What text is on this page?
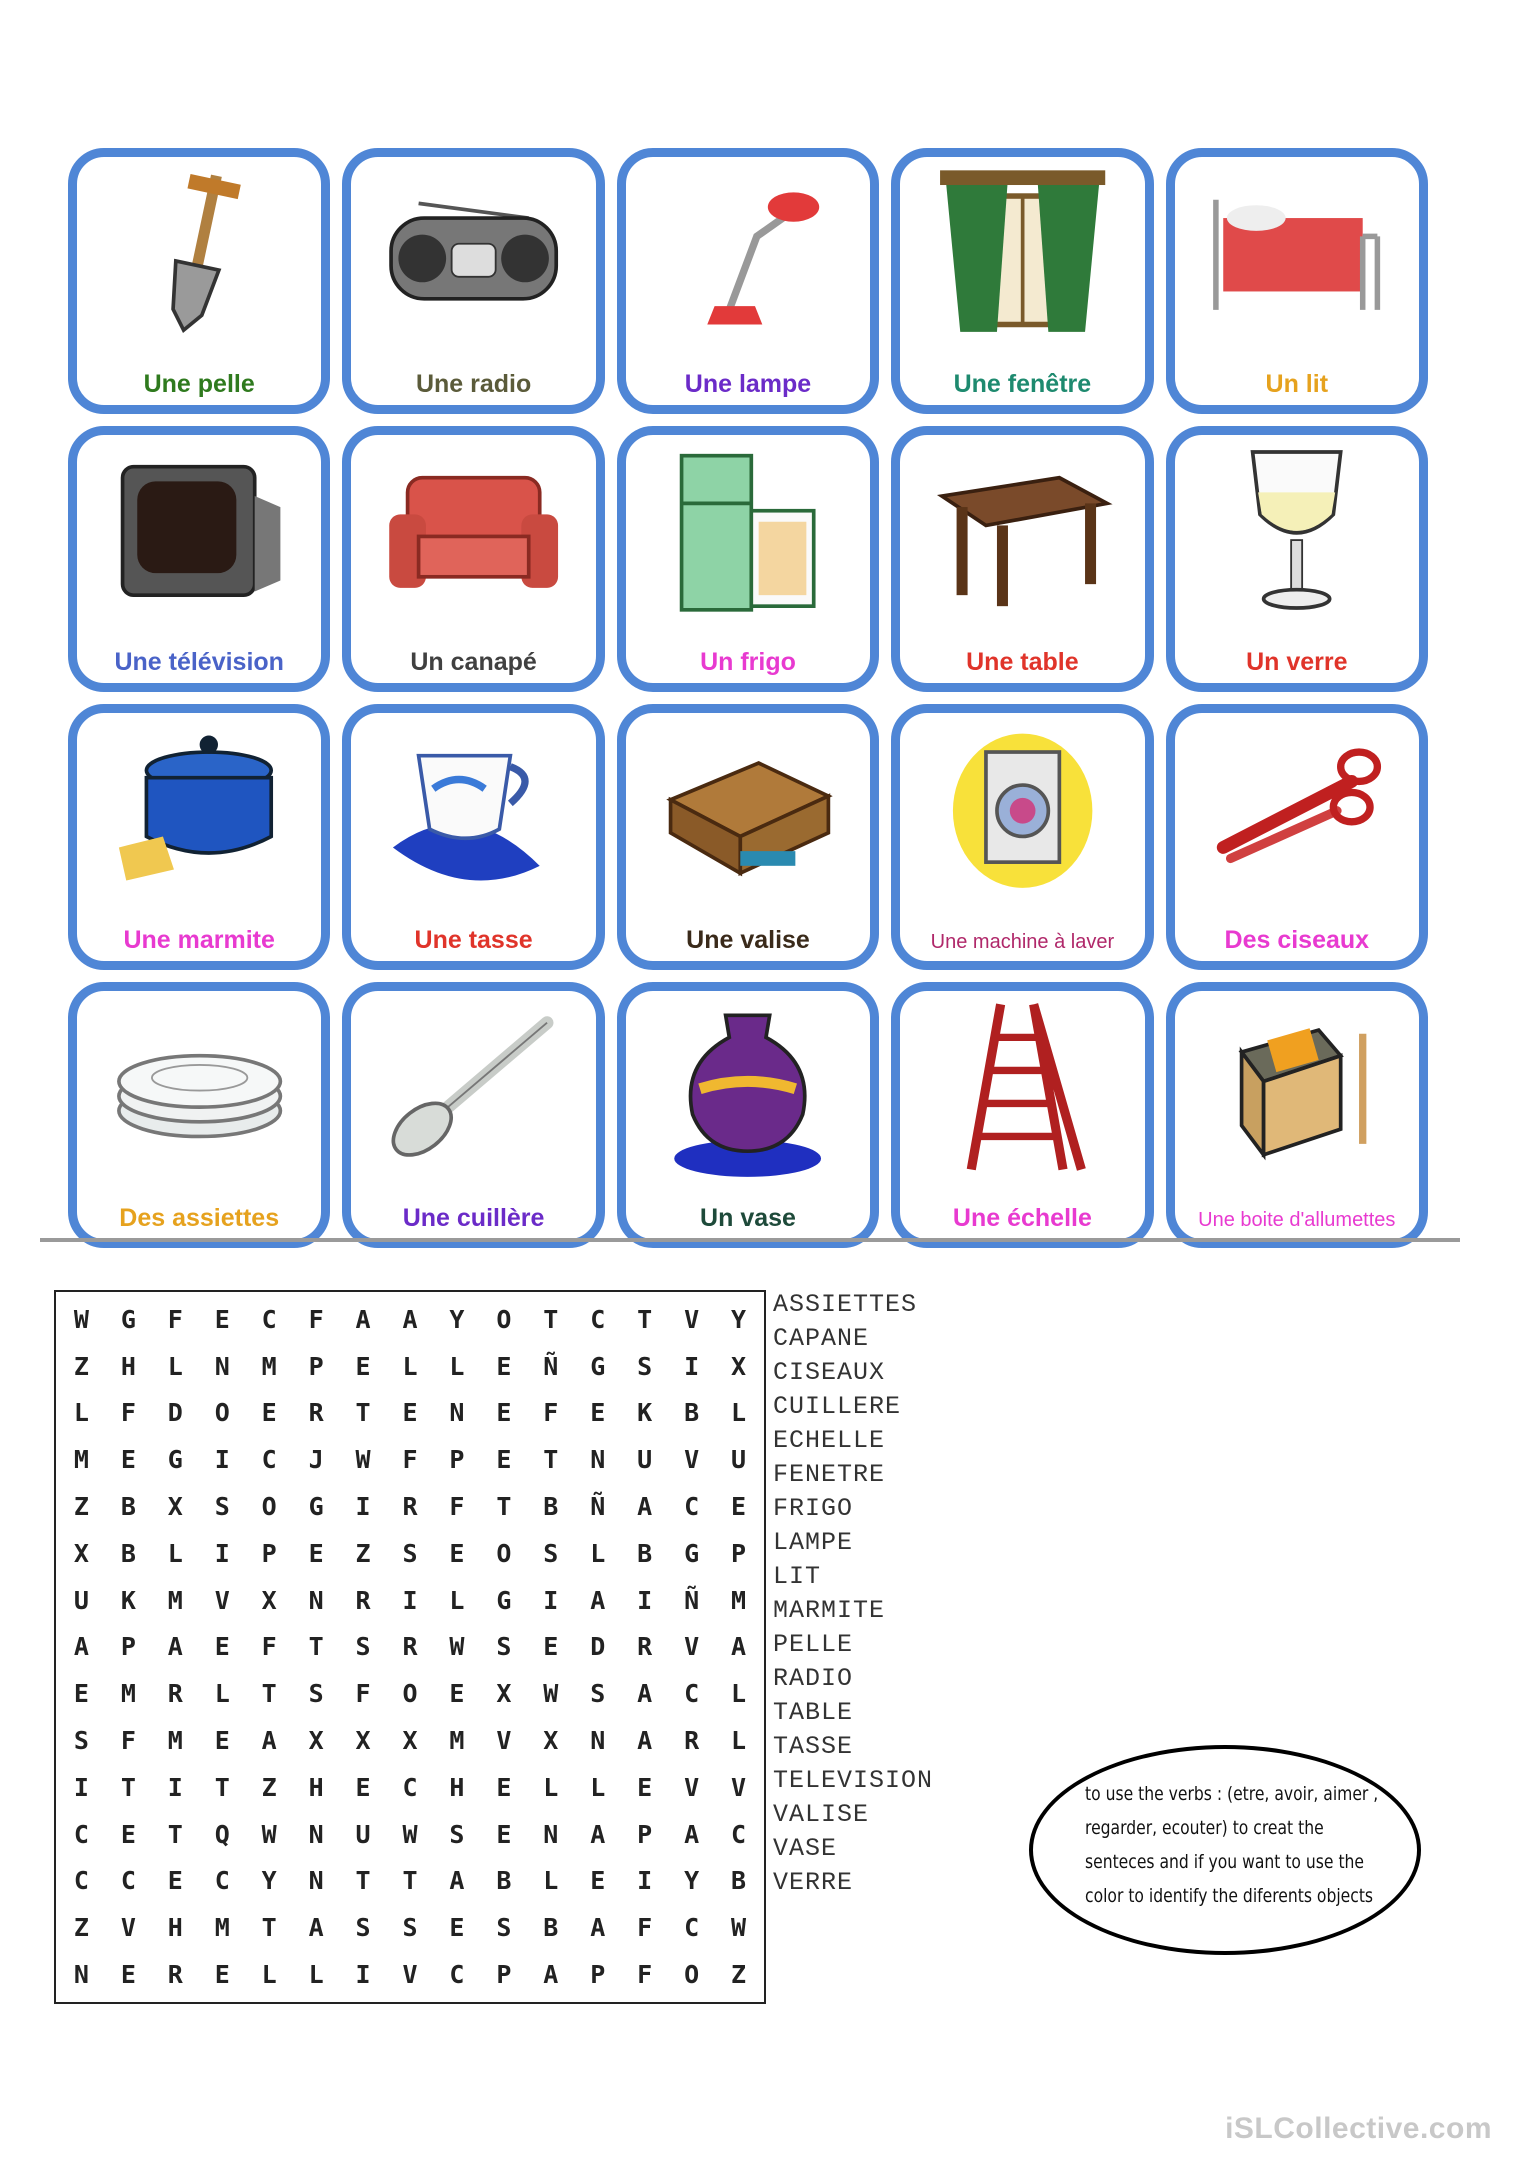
Une pelle	Une radio	Une lampe	Une fenêtre	Un lit
Une télévision	Un canapé	Un frigo	Une table	Un verre
Une marmite	Une tasse	Une valise	Une machine à laver	Des ciseaux
Des assiettes	Une cuillère	Un vase	Une échelle	Une boite d'allumettes
W	G	F	E	C	F	A	A	Y	O	T	C	T	V	Y
Z	H	L	N	M	P	E	L	L	E	Ñ	G	S	I	X
L	F	D	O	E	R	T	E	N	E	F	E	K	B	L
M	E	G	I	C	J	W	F	P	E	T	N	U	V	U
Z	B	X	S	O	G	I	R	F	T	B	Ñ	A	C	E
X	B	L	I	P	E	Z	S	E	O	S	L	B	G	P
U	K	M	V	X	N	R	I	L	G	I	A	I	Ñ	M
A	P	A	E	F	T	S	R	W	S	E	D	R	V	A
E	M	R	L	T	S	F	O	E	X	W	S	A	C	L
S	F	M	E	A	X	X	X	M	V	X	N	A	R	L
I	T	I	T	Z	H	E	C	H	E	L	L	E	V	V
C	E	T	Q	W	N	U	W	S	E	N	A	P	A	C
C	C	E	C	Y	N	T	T	A	B	L	E	I	Y	B
Z	V	H	M	T	A	S	S	E	S	B	A	F	C	W
N	E	R	E	L	L	I	V	C	P	A	P	F	O	Z
ASSIETTES
CAPANE
CISEAUX
CUILLERE
ECHELLE
FENETRE
FRIGO
LAMPE
LIT
MARMITE
PELLE
RADIO
TABLE
TASSE
TELEVISION
VALISE
VASE
VERRE
to use the verbs : (etre, avoir, aimer , regarder, ecouter) to creat the senteces and if you want to use the color to identify the diferents objects
iSLCollective.com
